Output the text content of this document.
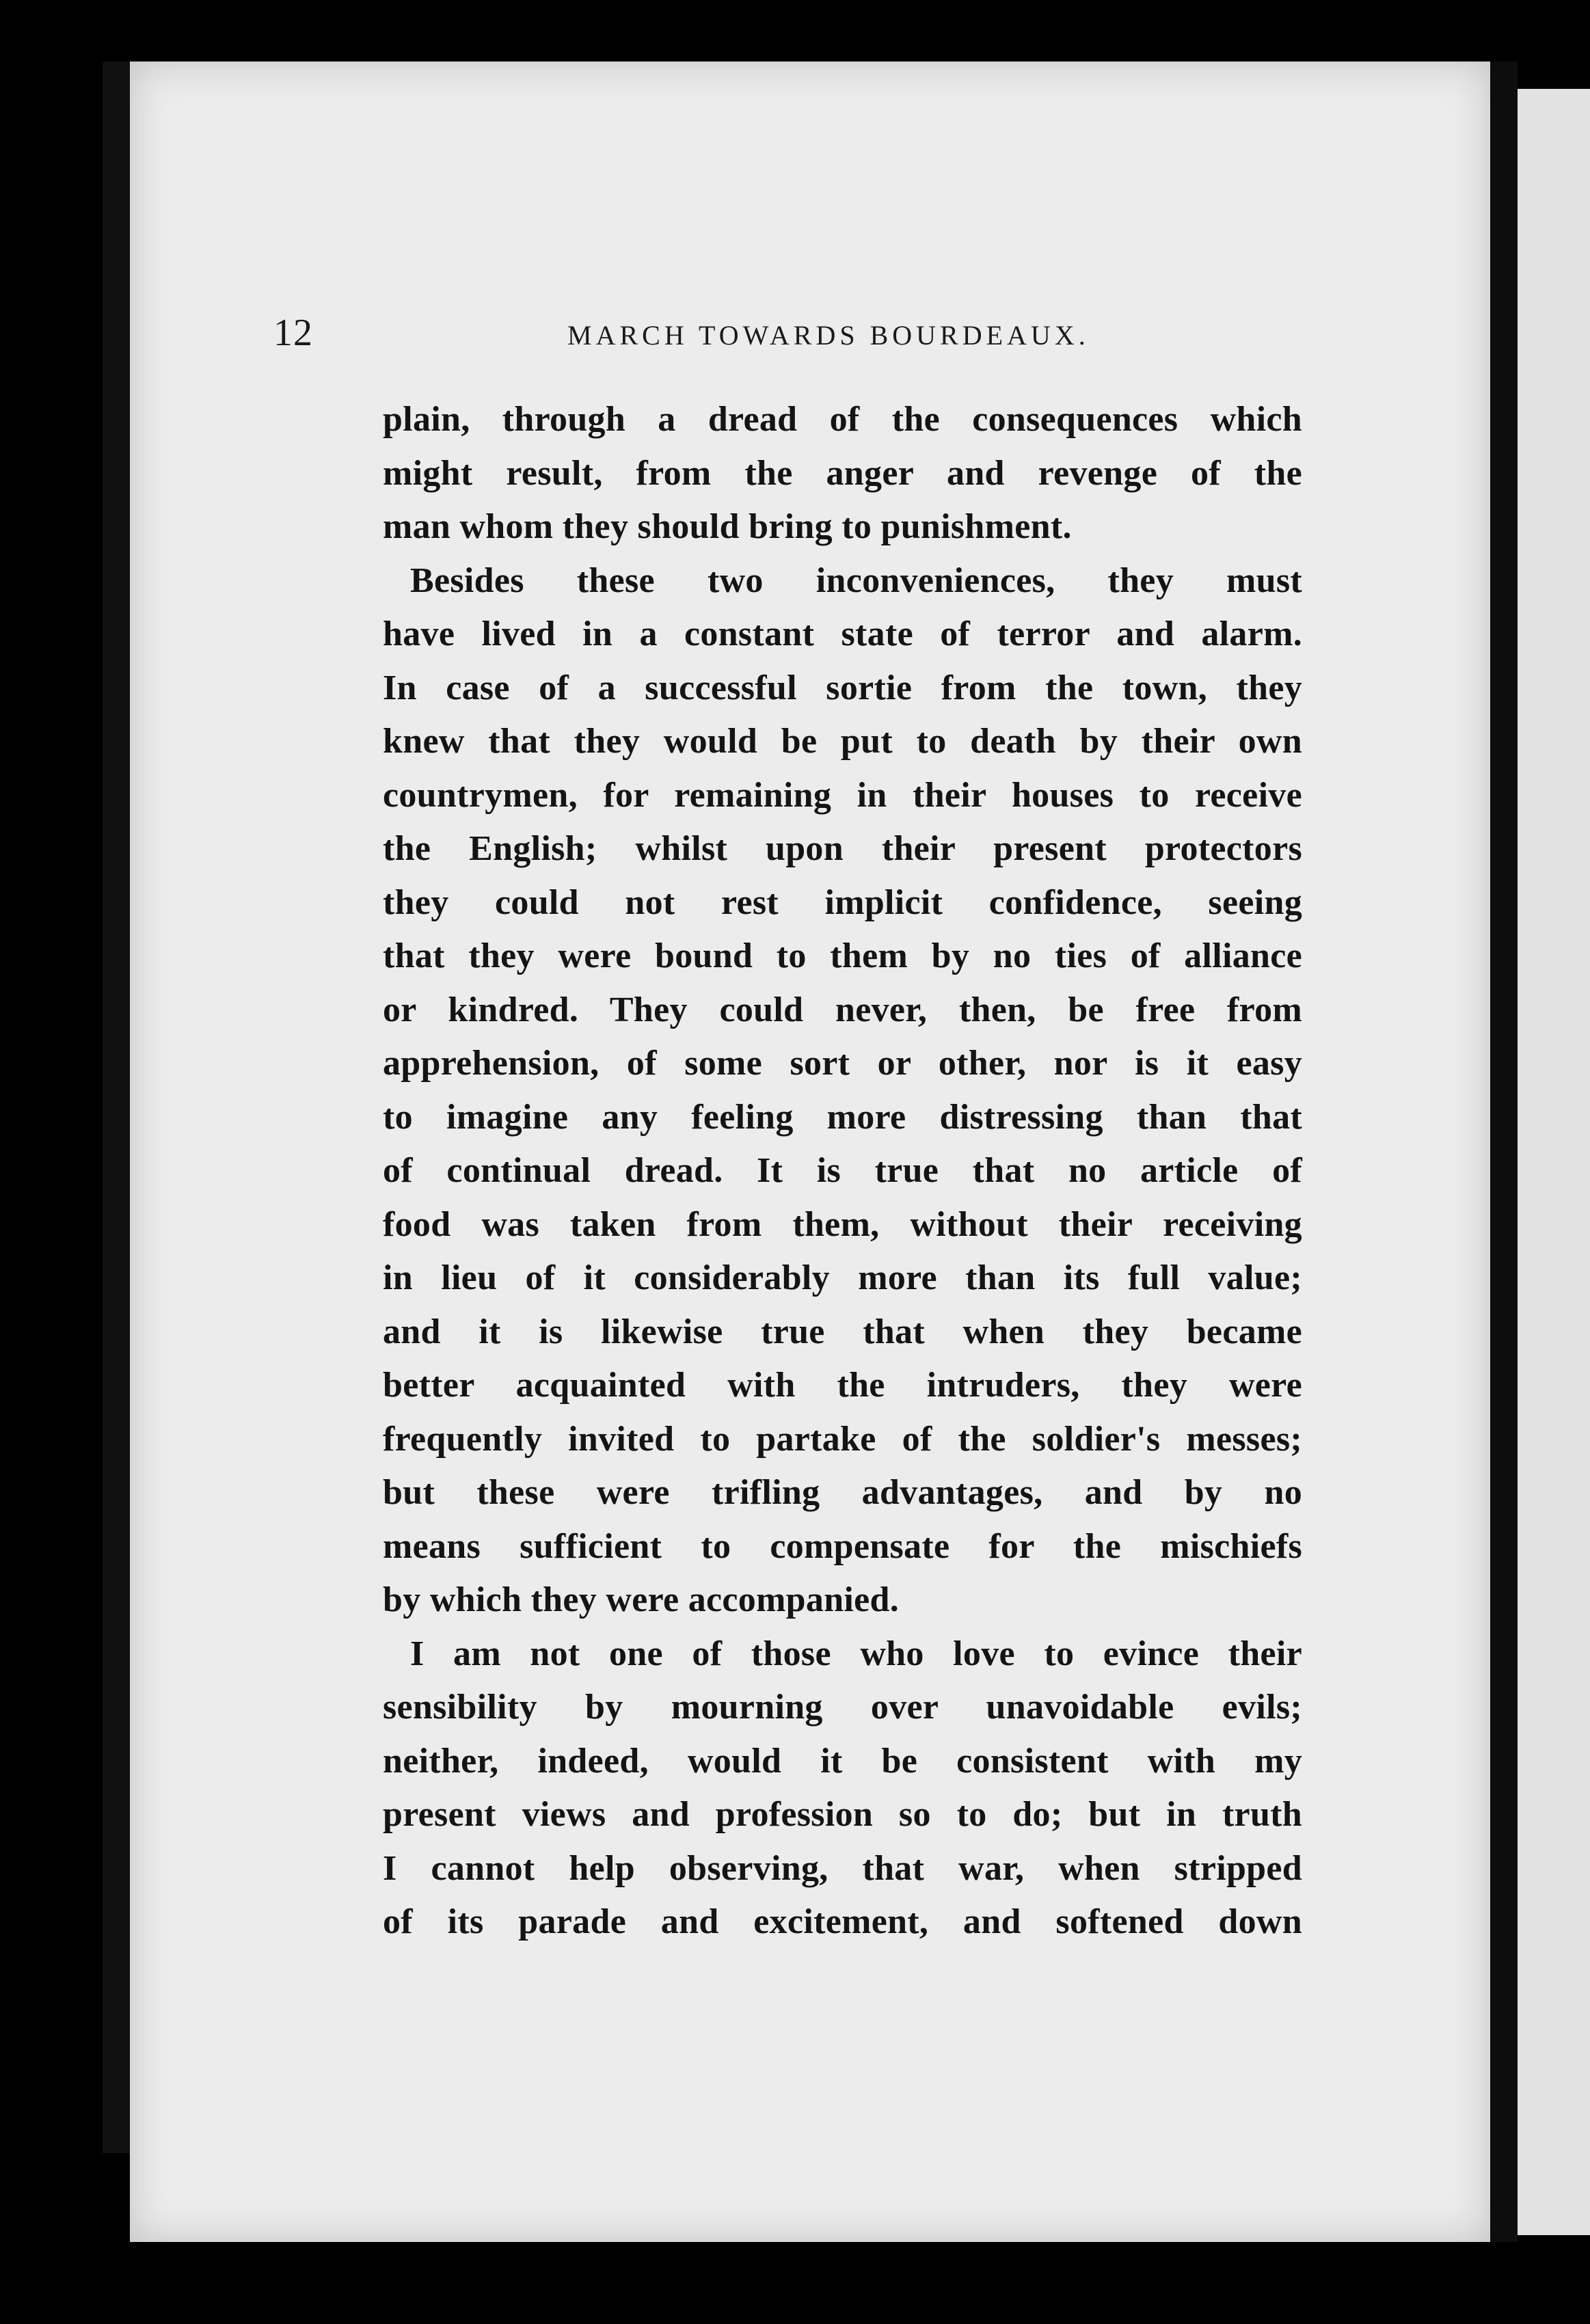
12	MARCH TOWARDS BOURDEAUX.
plain, through a dread of the consequences which
might result, from the anger and revenge of the
man whom they should bring to punishment.
Besides these two inconveniences, they must
have lived in a constant state of terror and alarm.
In case of a successful sortie from the town, they
knew that they would be put to death by their own
countrymen, for remaining in their houses to receive
the English; whilst upon their present protectors
they could not rest implicit confidence, seeing
that they were bound to them by no ties of alliance
or kindred. They could never, then, be free from
apprehension, of some sort or other, nor is it easy
to imagine any feeling more distressing than that
of continual dread. It is true that no article of
food was taken from them, without their receiving
in lieu of it considerably more than its full value;
and it is likewise true that when they became
better acquainted with the intruders, they were
frequently invited to partake of the soldier's messes;
but these were trifling advantages, and by no
means sufficient to compensate for the mischiefs
by which they were accompanied.
I am not one of those who love to evince their
sensibility by mourning over unavoidable evils;
neither, indeed, would it be consistent with my
present views and profession so to do; but in truth
I cannot help observing, that war, when stripped
of its parade and excitement, and softened down
